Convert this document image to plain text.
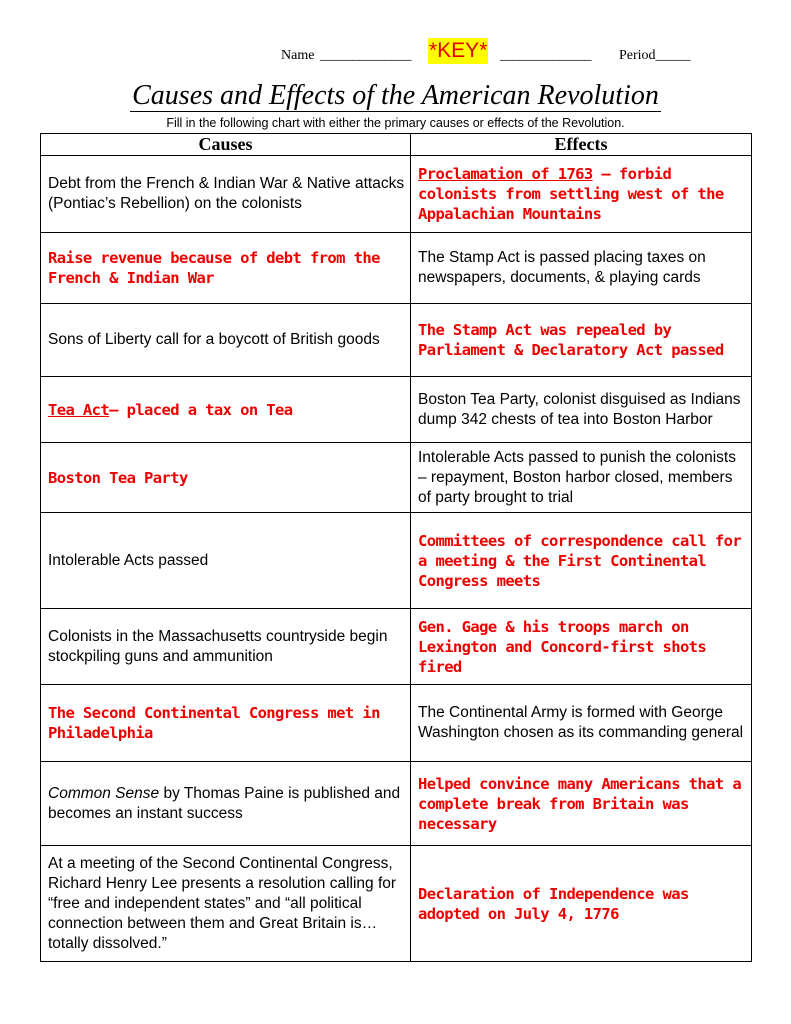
Name ______________ *KEY* ______________ Period_____
Causes and Effects of the American Revolution
Fill in the following chart with either the primary causes or effects of the Revolution.
Causes	Effects
Debt from the French & Indian War & Native attacks (Pontiac’s Rebellion) on the colonists	Proclamation of 1763 – forbid colonists from settling west of the Appalachian Mountains
Raise revenue because of debt from the French & Indian War	The Stamp Act is passed placing taxes on newspapers, documents, & playing cards
Sons of Liberty call for a boycott of British goods	The Stamp Act was repealed by Parliament & Declaratory Act passed
Tea Act– placed a tax on Tea	Boston Tea Party, colonist disguised as Indians dump 342 chests of tea into Boston Harbor
Boston Tea Party	Intolerable Acts passed to punish the colonists – repayment, Boston harbor closed, members of party brought to trial
Intolerable Acts passed	Committees of correspondence call for a meeting & the First Continental Congress meets
Colonists in the Massachusetts countryside begin stockpiling guns and ammunition	Gen. Gage & his troops march on Lexington and Concord-first shots fired
The Second Continental Congress met in Philadelphia	The Continental Army is formed with George Washington chosen as its commanding general
Common Sense by Thomas Paine is published and becomes an instant success	Helped convince many Americans that a complete break from Britain was necessary
At a meeting of the Second Continental Congress, Richard Henry Lee presents a resolution calling for “free and independent states” and “all political connection between them and Great Britain is…totally dissolved.”	Declaration of Independence was adopted on July 4, 1776
